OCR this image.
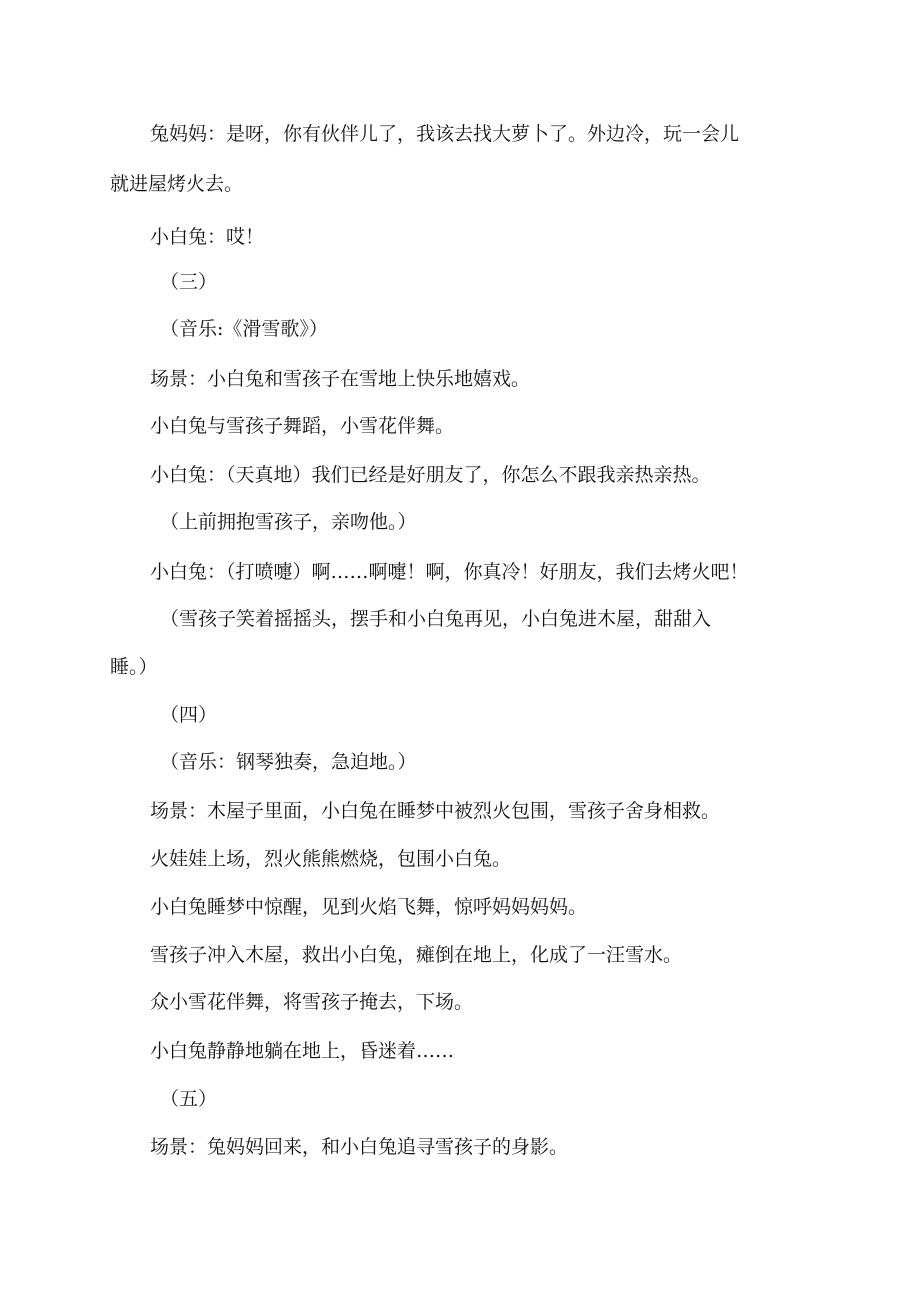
兔妈妈：是呀，你有伙伴儿了，我该去找大萝卜了。外边冷，玩一会儿

就进屋烤火去。

小白兔：哎！

（三）

（音乐:《滑雪歌》）

场景：小白兔和雪孩子在雪地上快乐地嬉戏。

小白兔与雪孩子舞蹈，小雪花伴舞。

小白兔：（天真地）我们已经是好朋友了，你怎么不跟我亲热亲热。

（上前拥抱雪孩子，亲吻他。）

小白兔：（打喷嚏）啊……啊嚏！啊，你真冷！好朋友，我们去烤火吧！

（雪孩子笑着摇摇头，摆手和小白兔再见，小白兔进木屋，甜甜入

睡。）

（四）

（音乐：钢琴独奏，急迫地。）

场景：木屋子里面，小白兔在睡梦中被烈火包围，雪孩子舍身相救。

火娃娃上场，烈火熊熊燃烧，包围小白兔。

小白兔睡梦中惊醒，见到火焰飞舞，惊呼妈妈妈妈。

雪孩子冲入木屋，救出小白兔，瘫倒在地上，化成了一汪雪水。

众小雪花伴舞，将雪孩子掩去，下场。

小白兔静静地躺在地上，昏迷着……

（五）

场景：兔妈妈回来，和小白兔追寻雪孩子的身影。
